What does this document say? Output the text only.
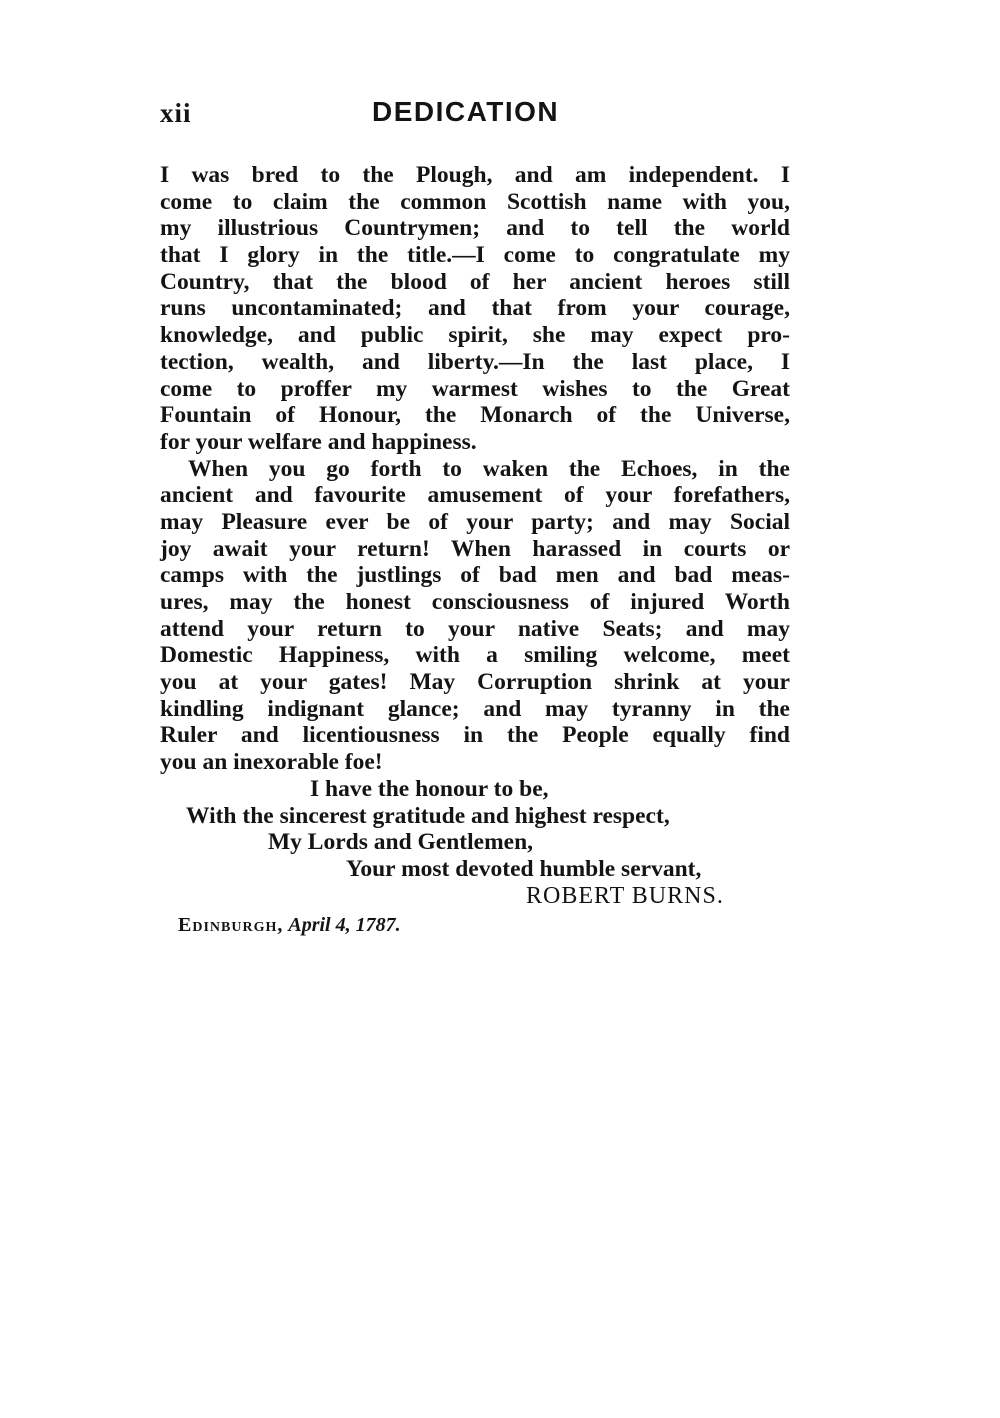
xii	DEDICATION
I was bred to the Plough, and am independent. I
come to claim the common Scottish name with you,
my illustrious Countrymen; and to tell the world
that I glory in the title.—I come to congratulate my
Country, that the blood of her ancient heroes still
runs uncontaminated; and that from your courage,
knowledge, and public spirit, she may expect pro-
tection, wealth, and liberty.—In the last place, I
come to proffer my warmest wishes to the Great
Fountain of Honour, the Monarch of the Universe,
for your welfare and happiness.
When you go forth to waken the Echoes, in the
ancient and favourite amusement of your forefathers,
may Pleasure ever be of your party; and may Social
joy await your return! When harassed in courts or
camps with the justlings of bad men and bad meas-
ures, may the honest consciousness of injured Worth
attend your return to your native Seats; and may
Domestic Happiness, with a smiling welcome, meet
you at your gates! May Corruption shrink at your
kindling indignant glance; and may tyranny in the
Ruler and licentiousness in the People equally find
you an inexorable foe!
I have the honour to be,
With the sincerest gratitude and highest respect,
My Lords and Gentlemen,
Your most devoted humble servant,
ROBERT BURNS.
Edinburgh, April 4, 1787.
